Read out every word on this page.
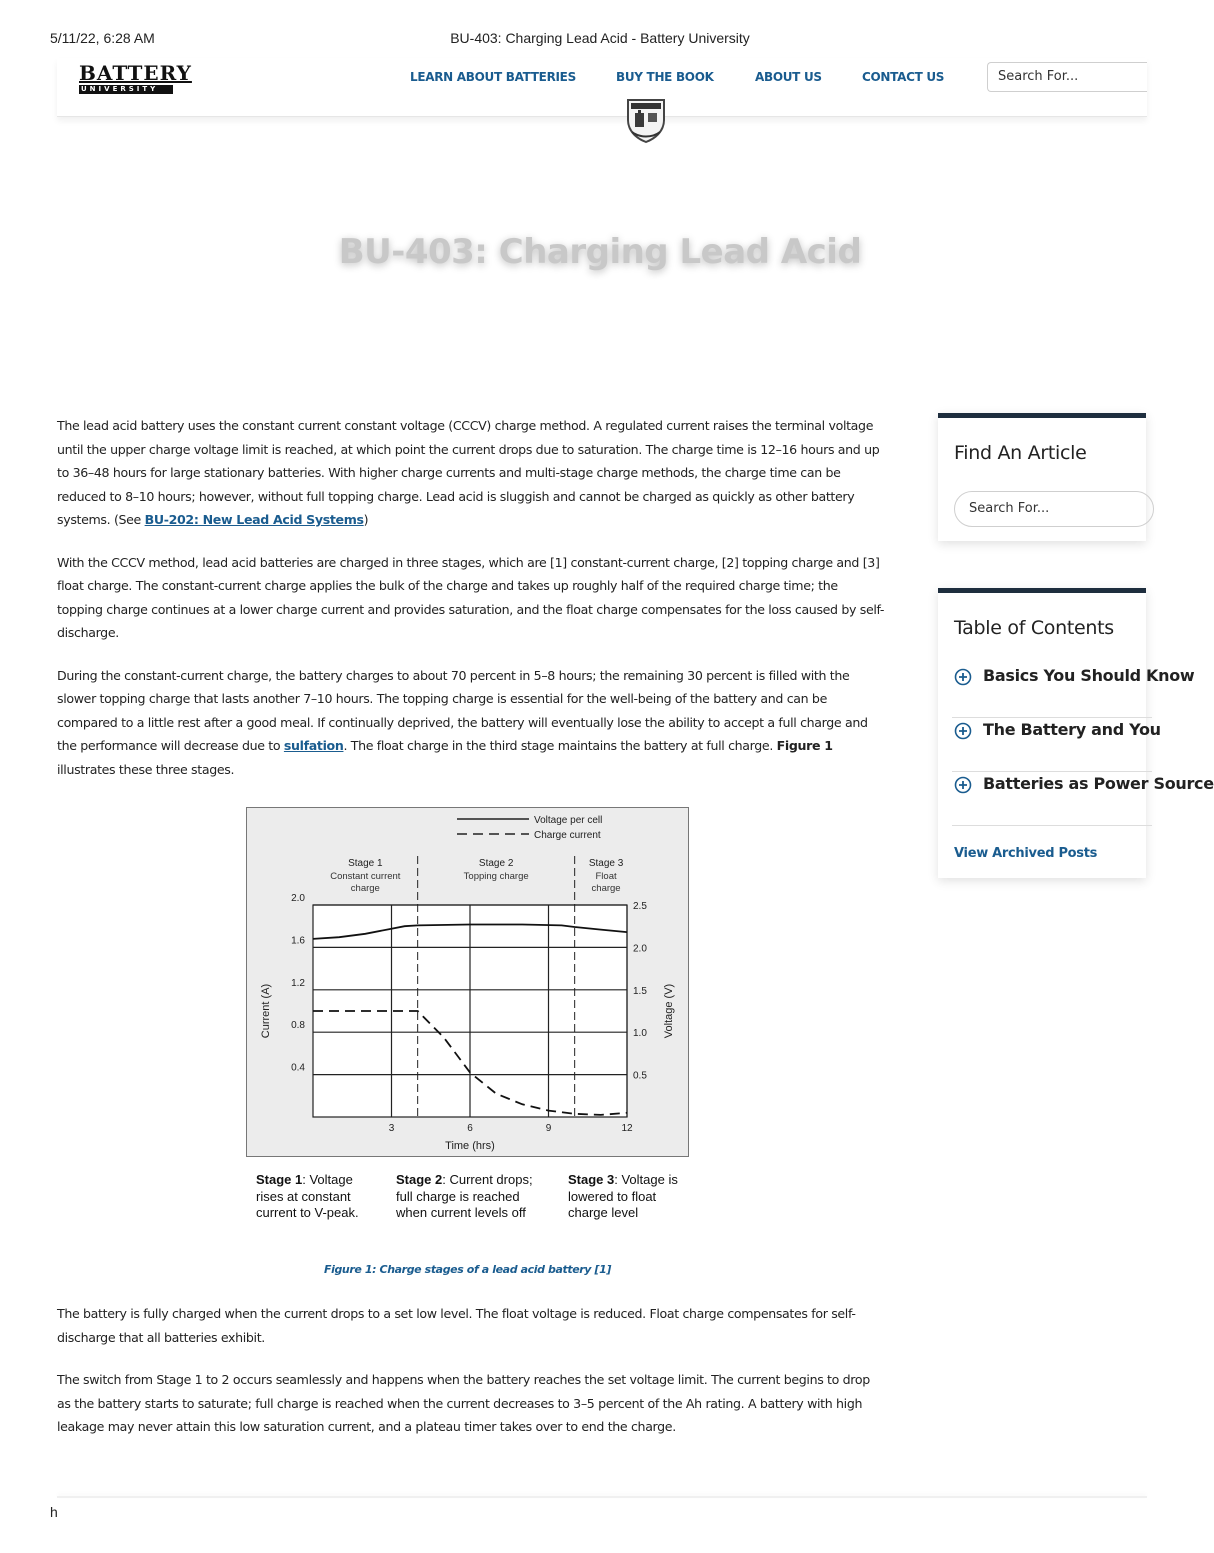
5/11/22, 6:28 AM	BU-403: Charging Lead Acid - Battery University
BATTERY
UNIVERSITY
LEARN ABOUT BATTERIES	BUY THE BOOK	ABOUT US	CONTACT US	Search For...
BU-403: Charging Lead Acid

The lead acid battery uses the constant current constant voltage (CCCV) charge method. A regulated current raises the terminal voltage until the upper charge voltage limit is reached, at which point the current drops due to saturation. The charge time is 12–16 hours and up to 36–48 hours for large stationary batteries. With higher charge currents and multi-stage charge methods, the charge time can be reduced to 8–10 hours; however, without full topping charge. Lead acid is sluggish and cannot be charged as quickly as other battery systems. (See BU-202: New Lead Acid Systems)

With the CCCV method, lead acid batteries are charged in three stages, which are [1] constant-current charge, [2] topping charge and [3] float charge. The constant-current charge applies the bulk of the charge and takes up roughly half of the required charge time; the topping charge continues at a lower charge current and provides saturation, and the float charge compensates for the loss caused by self-discharge.

During the constant-current charge, the battery charges to about 70 percent in 5–8 hours; the remaining 30 percent is filled with the slower topping charge that lasts another 7–10 hours. The topping charge is essential for the well-being of the battery and can be compared to a little rest after a good meal. If continually deprived, the battery will eventually lose the ability to accept a full charge and the performance will decrease due to sulfation. The float charge in the third stage maintains the battery at full charge. Figure 1 illustrates these three stages.

0.4
0.8
1.2
1.6
2.0
0.5
1.0
1.5
2.0
2.5
3	6	9	12
Stage 1
Constant current
charge
Stage 2
Topping charge
Stage 3
Float
charge
Voltage per cell
Charge current
Time (hrs)
Current (A)	Voltage (V)
Stage 1: Voltage rises at constant current to V-peak.
Stage 2: Current drops; full charge is reached when current levels off
Stage 3: Voltage is lowered to float charge level
Figure 1: Charge stages of a lead acid battery [1]

The battery is fully charged when the current drops to a set low level. The float voltage is reduced. Float charge compensates for self-discharge that all batteries exhibit.

The switch from Stage 1 to 2 occurs seamlessly and happens when the battery reaches the set voltage limit. The current begins to drop as the battery starts to saturate; full charge is reached when the current decreases to 3–5 percent of the Ah rating. A battery with high leakage may never attain this low saturation current, and a plateau timer takes over to end the charge.

Find An Article
Search For...
Table of Contents
Basics You Should Know
The Battery and You
Batteries as Power Source
View Archived Posts
h
